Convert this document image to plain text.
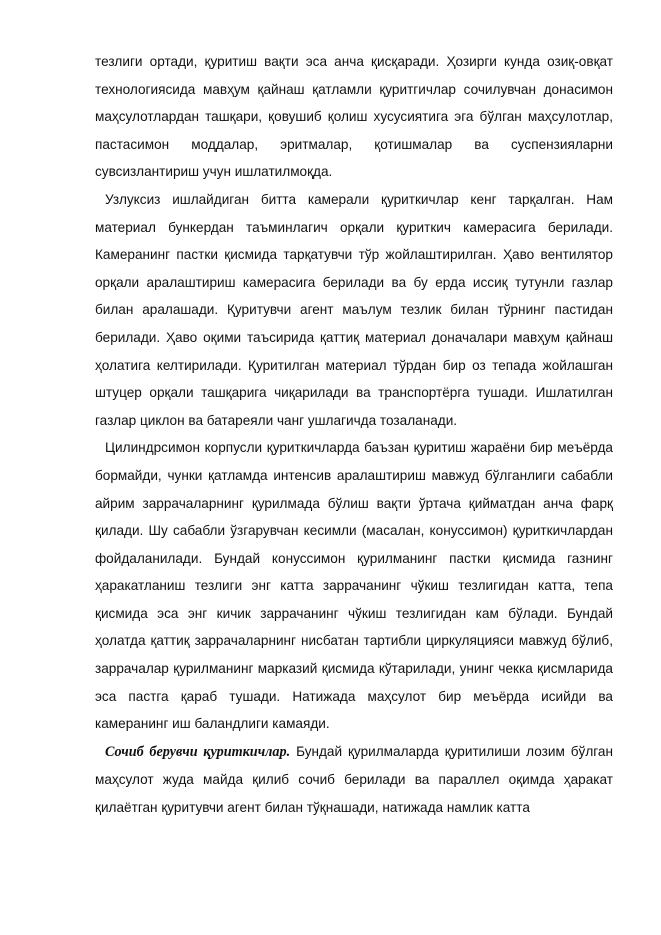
тезлиги ортади, қуритиш вақти эса анча қисқаради. Ҳозирги кунда озиқ-овқат технологиясида мавҳум қайнаш қатламли қуритгичлар сочилувчан донасимон маҳсулотлардан ташқари, қовушиб қолиш хусусиятига эга бўлган маҳсулотлар, пастасимон моддалар, эритмалар, қотишмалар ва суспензияларни сувсизлантириш учун ишлатилмоқда.

Узлуксиз ишлайдиган битта камерали қуриткичлар кенг тарқалган. Нам материал бункердан таъминлагич орқали қуриткич камерасига берилади. Камеранинг пастки қисмида тарқатувчи тўр жойлаштирилган. Ҳаво вентилятор орқали аралаштириш камерасига берилади ва бу ерда иссиқ тутунли газлар билан аралашади. Қуритувчи агент маълум тезлик билан тўрнинг пастидан берилади. Ҳаво оқими таъсирида қаттиқ материал доначалари мавҳум қайнаш ҳолатига келтирилади. Қуритилган материал тўрдан бир оз тепада жойлашган штуцер орқали ташқарига чиқарилади ва транспортёрга тушади. Ишлатилган газлар циклон ва батареяли чанг ушлагичда тозаланади.

Цилиндрсимон корпусли қуриткичларда баъзан қуритиш жараёни бир меъёрда бормайди, чунки қатламда интенсив аралаштириш мавжуд бўлганлиги сабабли айрим заррачаларнинг қурилмада бўлиш вақти ўртача қийматдан анча фарқ қилади. Шу сабабли ўзгарувчан кесимли (масалан, конуссимон) қуриткичлардан фойдаланилади. Бундай конуссимон қурилманинг пастки қисмида газнинг ҳаракатланиш тезлиги энг катта заррачанинг чўкиш тезлигидан катта, тепа қисмида эса энг кичик заррачанинг чўкиш тезлигидан кам бўлади. Бундай ҳолатда қаттиқ заррачаларнинг нисбатан тартибли циркуляцияси мавжуд бўлиб, заррачалар қурилманинг марказий қисмида кўтарилади, унинг чекка қисмларида эса пастга қараб тушади. Натижада маҳсулот бир меъёрда исийди ва камеранинг иш баландлиги камаяди.

Сочиб берувчи қуриткичлар. Бундай қурилмаларда қуритилиши лозим бўлган маҳсулот жуда майда қилиб сочиб берилади ва параллел оқимда ҳаракат қилаётган қуритувчи агент билан тўқнашади, натижада намлик катта
